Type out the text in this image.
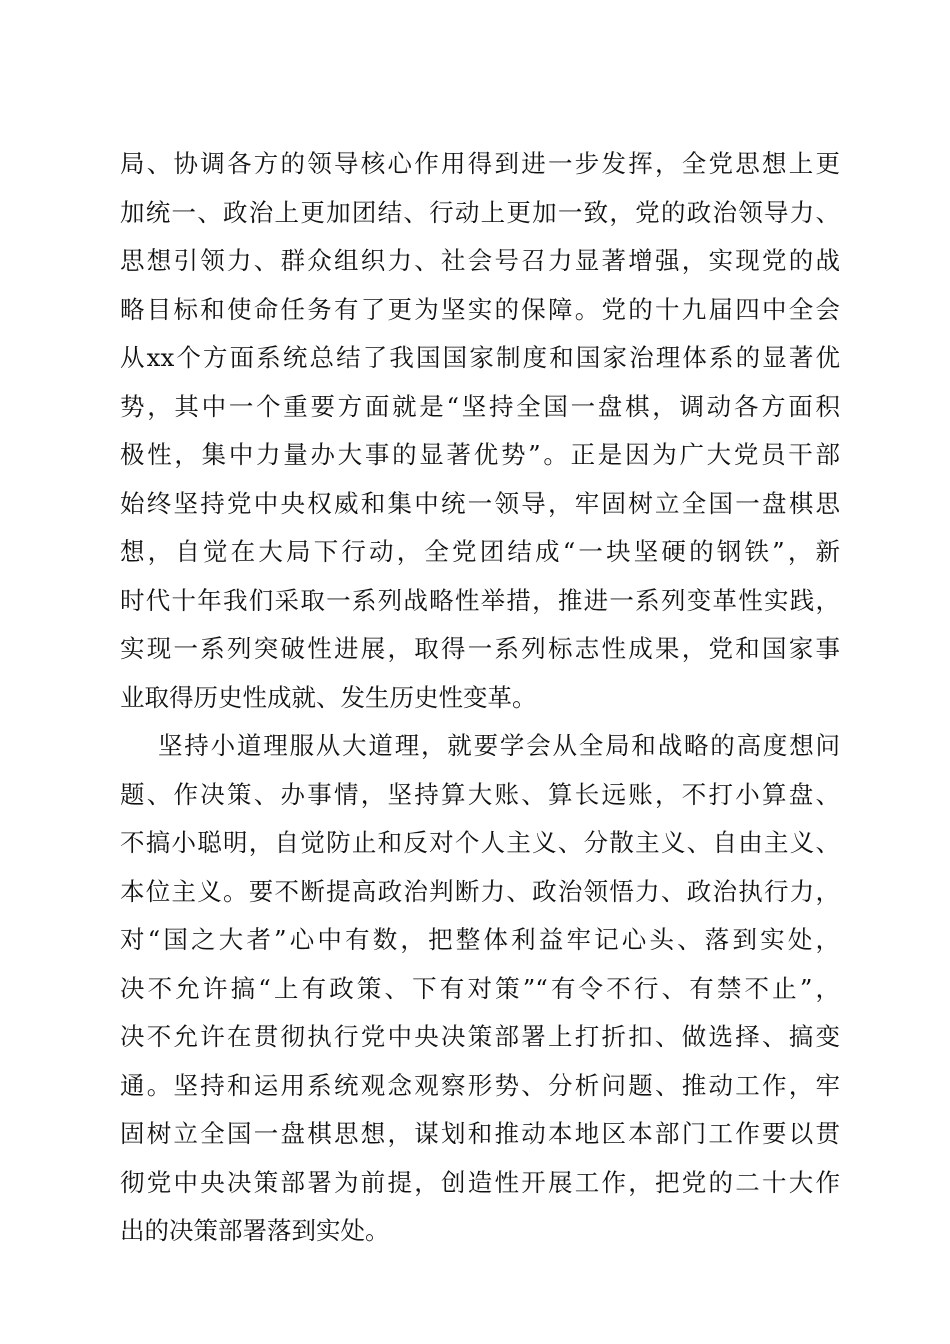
局、协调各方的领导核心作用得到进一步发挥，全党思想上更
加统一、政治上更加团结、行动上更加一致，党的政治领导力、
思想引领力、群众组织力、社会号召力显著增强，实现党的战
略目标和使命任务有了更为坚实的保障。党的十九届四中全会
从xx个方面系统总结了我国国家制度和国家治理体系的显著优
势，其中一个重要方面就是“坚持全国一盘棋，调动各方面积
极性，集中力量办大事的显著优势”。正是因为广大党员干部
始终坚持党中央权威和集中统一领导，牢固树立全国一盘棋思
想，自觉在大局下行动，全党团结成“一块坚硬的钢铁”，新
时代十年我们采取一系列战略性举措，推进一系列变革性实践，
实现一系列突破性进展，取得一系列标志性成果，党和国家事
业取得历史性成就、发生历史性变革。
坚持小道理服从大道理，就要学会从全局和战略的高度想问
题、作决策、办事情，坚持算大账、算长远账，不打小算盘、
不搞小聪明，自觉防止和反对个人主义、分散主义、自由主义、
本位主义。要不断提高政治判断力、政治领悟力、政治执行力，
对“国之大者”心中有数，把整体利益牢记心头、落到实处，
决不允许搞“上有政策、下有对策”“有令不行、有禁不止”，
决不允许在贯彻执行党中央决策部署上打折扣、做选择、搞变
通。坚持和运用系统观念观察形势、分析问题、推动工作，牢
固树立全国一盘棋思想，谋划和推动本地区本部门工作要以贯
彻党中央决策部署为前提，创造性开展工作，把党的二十大作
出的决策部署落到实处。
